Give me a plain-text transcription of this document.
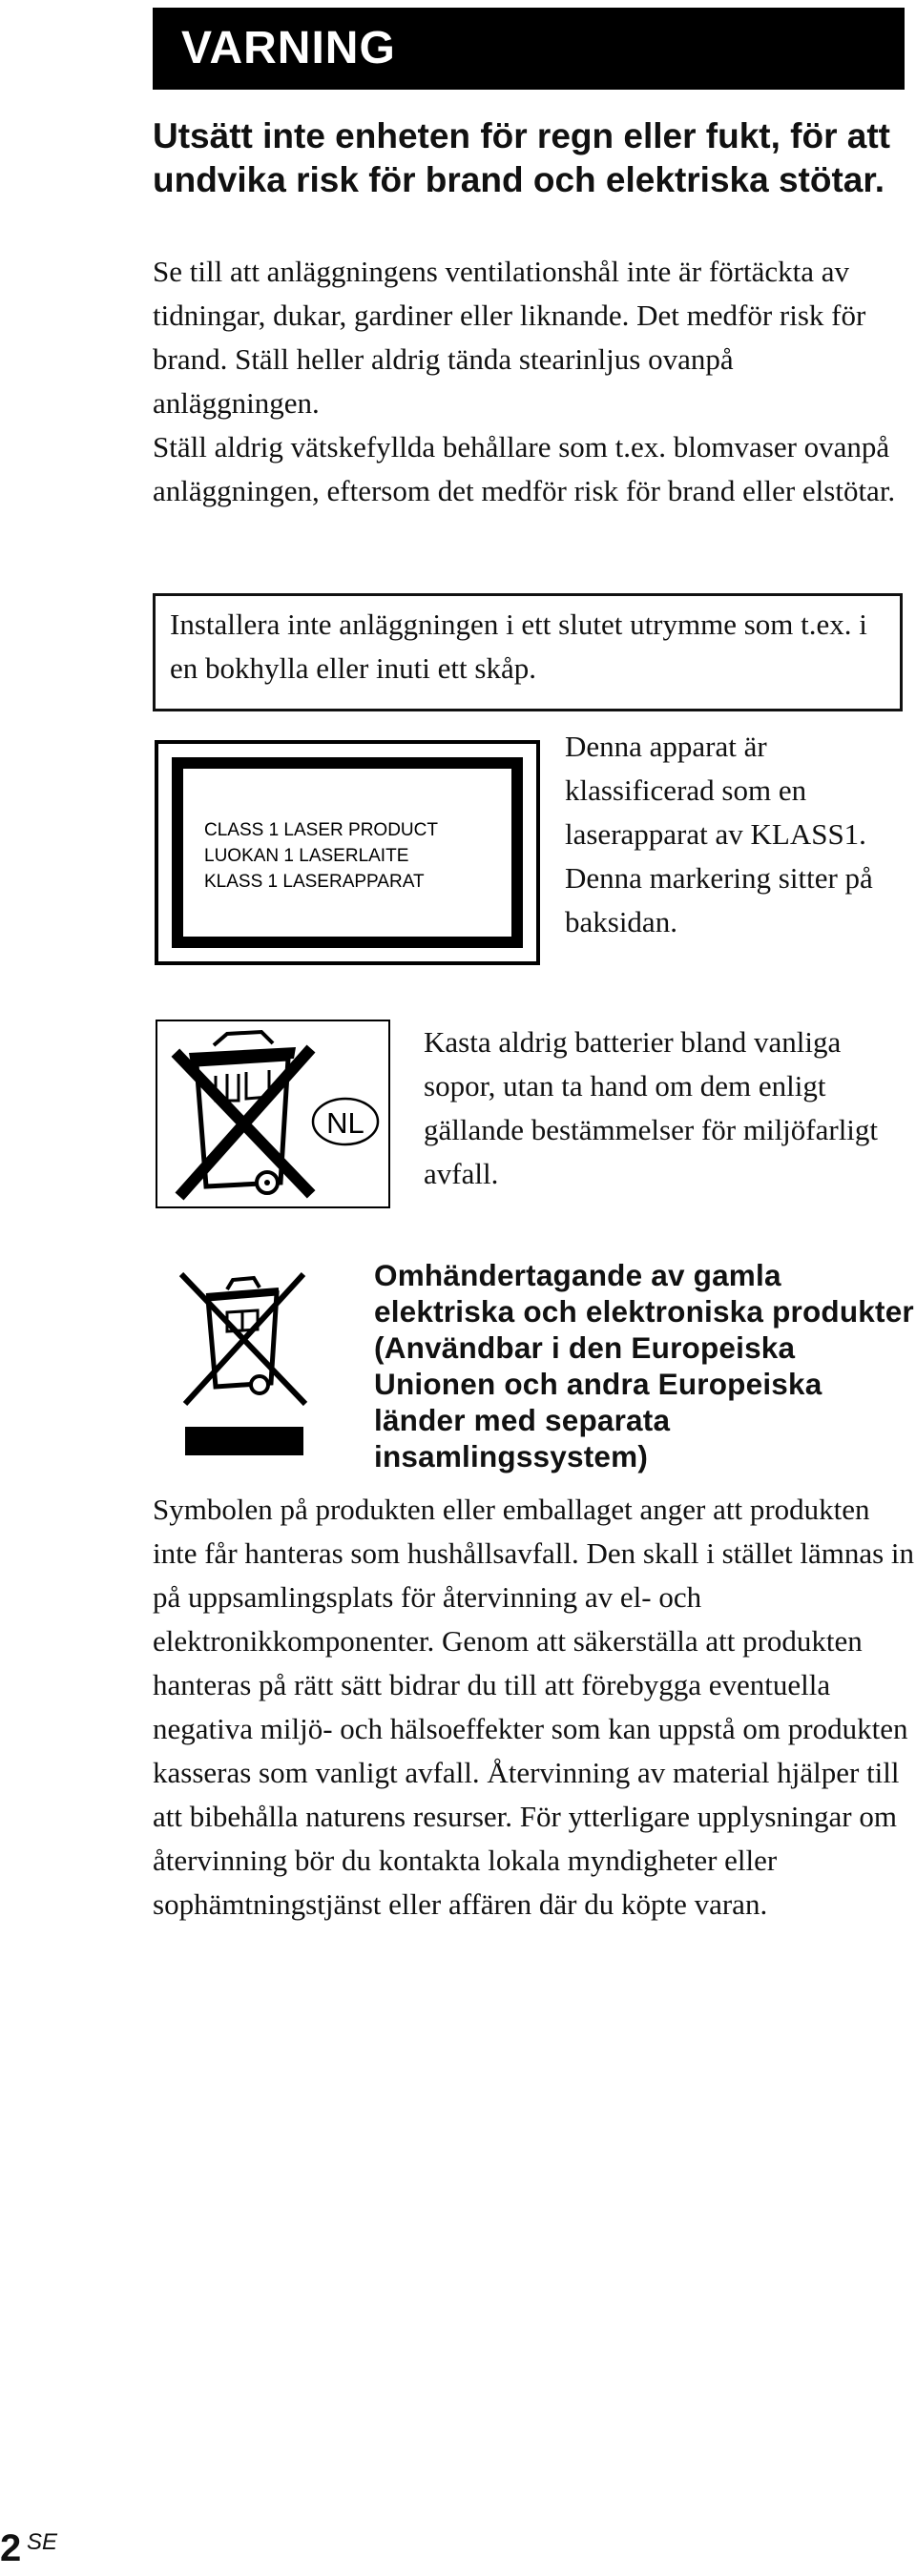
VARNING
Utsätt inte enheten för regn eller fukt, för att undvika risk för brand och elektriska stötar.
Se till att anläggningens ventilationshål inte är förtäckta av tidningar, dukar, gardiner eller liknande. Det medför risk för brand. Ställ heller aldrig tända stearinljus ovanpå anläggningen.
Ställ aldrig vätskefyllda behållare som t.ex. blomvaser ovanpå anläggningen, eftersom det medför risk för brand eller elstötar.
Installera inte anläggningen i ett slutet utrymme som t.ex. i en bokhylla eller inuti ett skåp.
CLASS 1 LASER PRODUCT
LUOKAN 1 LASERLAITE
KLASS 1 LASERAPPARAT
Denna apparat är klassificerad som en laserapparat av KLASS1. Denna markering sitter på baksidan.
NL
Kasta aldrig batterier bland vanliga sopor, utan ta hand om dem enligt gällande bestämmelser för miljöfarligt avfall.
Omhändertagande av gamla elektriska och elektroniska produkter (Användbar i den Europeiska Unionen och andra Europeiska länder med separata insamlingssystem)
Symbolen på produkten eller emballaget anger att produkten inte får hanteras som hushållsavfall. Den skall i stället lämnas in på uppsamlingsplats för återvinning av el- och elektronikkomponenter. Genom att säkerställa att produkten hanteras på rätt sätt bidrar du till att förebygga eventuella negativa miljö- och hälsoeffekter som kan uppstå om produkten kasseras som vanligt avfall. Återvinning av material hjälper till att bibehålla naturens resurser. För ytterligare upplysningar om återvinning bör du kontakta lokala myndigheter eller sophämtningstjänst eller affären där du köpte varan.
2 SE
